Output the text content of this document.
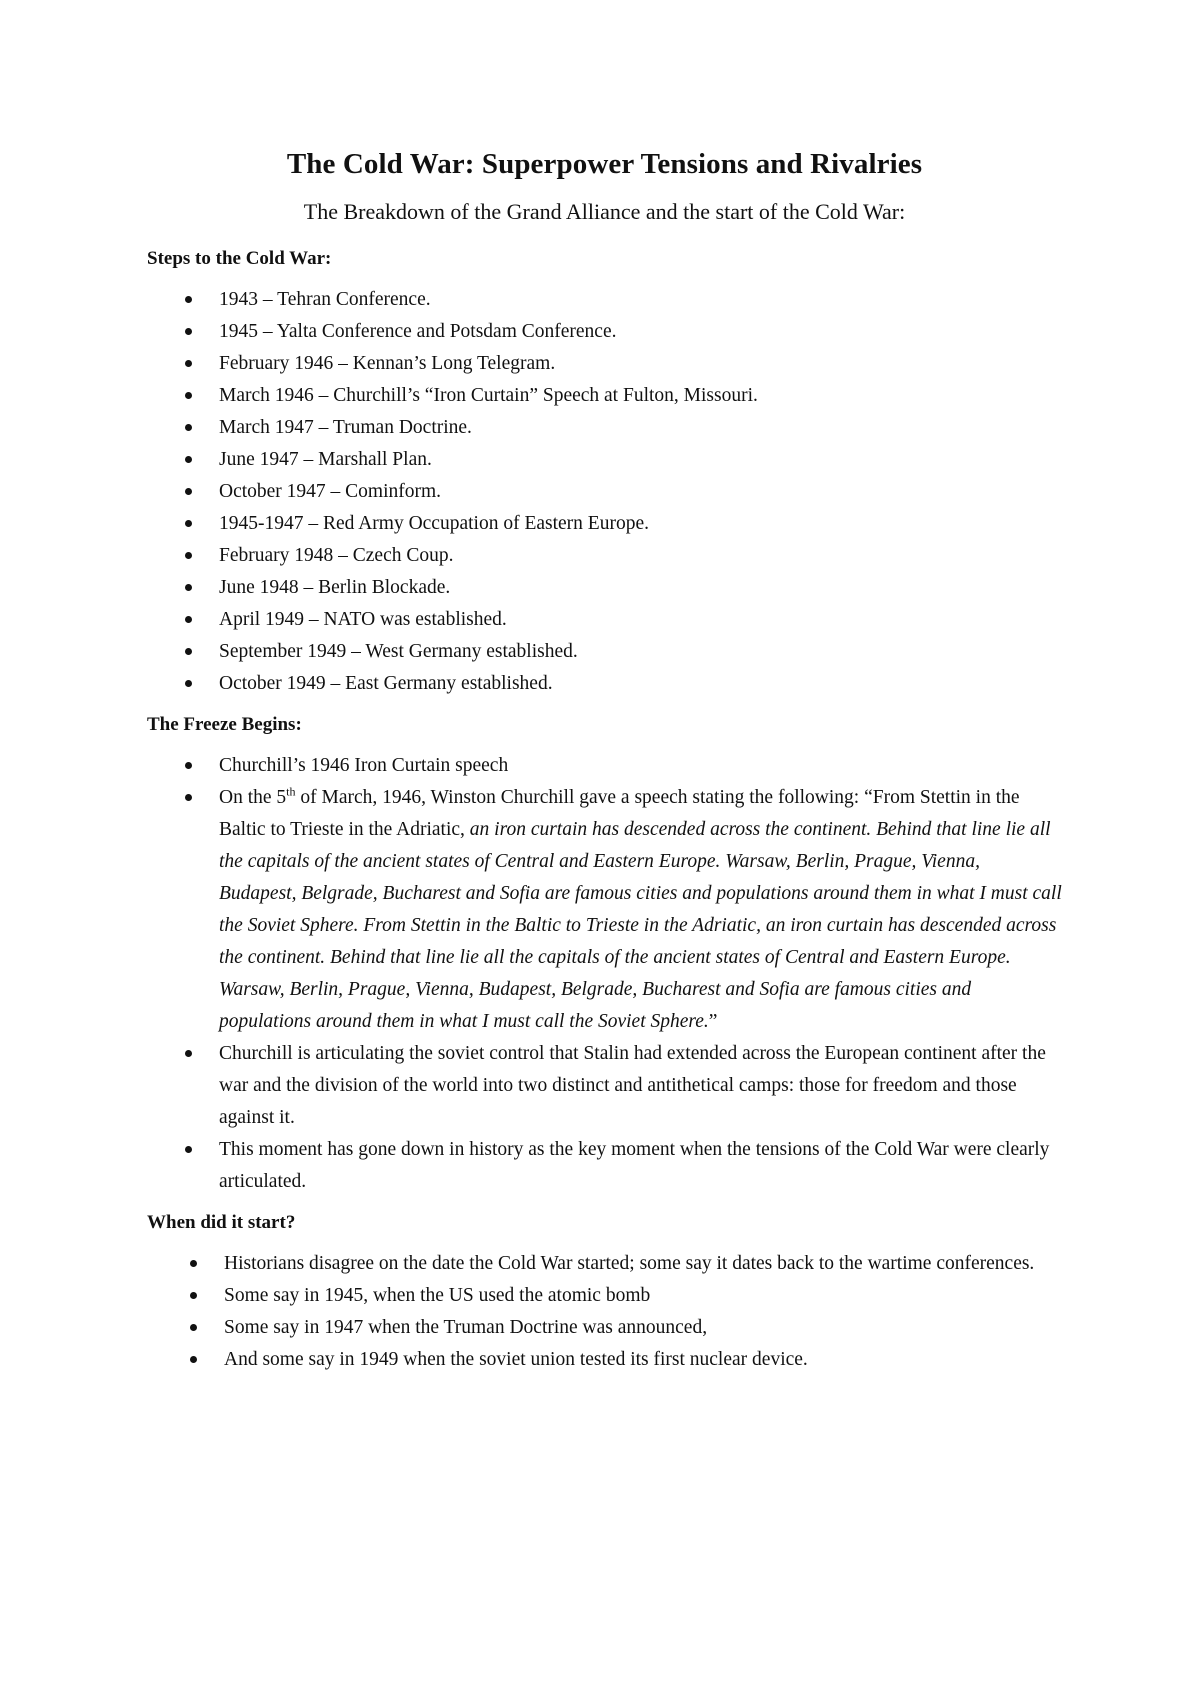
The Cold War: Superpower Tensions and Rivalries
The Breakdown of the Grand Alliance and the start of the Cold War:
Steps to the Cold War:
1943 – Tehran Conference.
1945 – Yalta Conference and Potsdam Conference.
February 1946 – Kennan’s Long Telegram.
March 1946 – Churchill’s “Iron Curtain” Speech at Fulton, Missouri.
March 1947 – Truman Doctrine.
June 1947 – Marshall Plan.
October 1947 – Cominform.
1945-1947 – Red Army Occupation of Eastern Europe.
February 1948 – Czech Coup.
June 1948 – Berlin Blockade.
April 1949 – NATO was established.
September 1949 – West Germany established.
October 1949 – East Germany established.
The Freeze Begins:
Churchill’s 1946 Iron Curtain speech
On the 5th of March, 1946, Winston Churchill gave a speech stating the following: “From Stettin in the Baltic to Trieste in the Adriatic, an iron curtain has descended across the continent. Behind that line lie all the capitals of the ancient states of Central and Eastern Europe. Warsaw, Berlin, Prague, Vienna, Budapest, Belgrade, Bucharest and Sofia are famous cities and populations around them in what I must call the Soviet Sphere. From Stettin in the Baltic to Trieste in the Adriatic, an iron curtain has descended across the continent. Behind that line lie all the capitals of the ancient states of Central and Eastern Europe. Warsaw, Berlin, Prague, Vienna, Budapest, Belgrade, Bucharest and Sofia are famous cities and populations around them in what I must call the Soviet Sphere.”
Churchill is articulating the soviet control that Stalin had extended across the European continent after the war and the division of the world into two distinct and antithetical camps: those for freedom and those against it.
This moment has gone down in history as the key moment when the tensions of the Cold War were clearly articulated.
When did it start?
Historians disagree on the date the Cold War started; some say it dates back to the wartime conferences.
Some say in 1945, when the US used the atomic bomb
Some say in 1947 when the Truman Doctrine was announced,
And some say in 1949 when the soviet union tested its first nuclear device.
